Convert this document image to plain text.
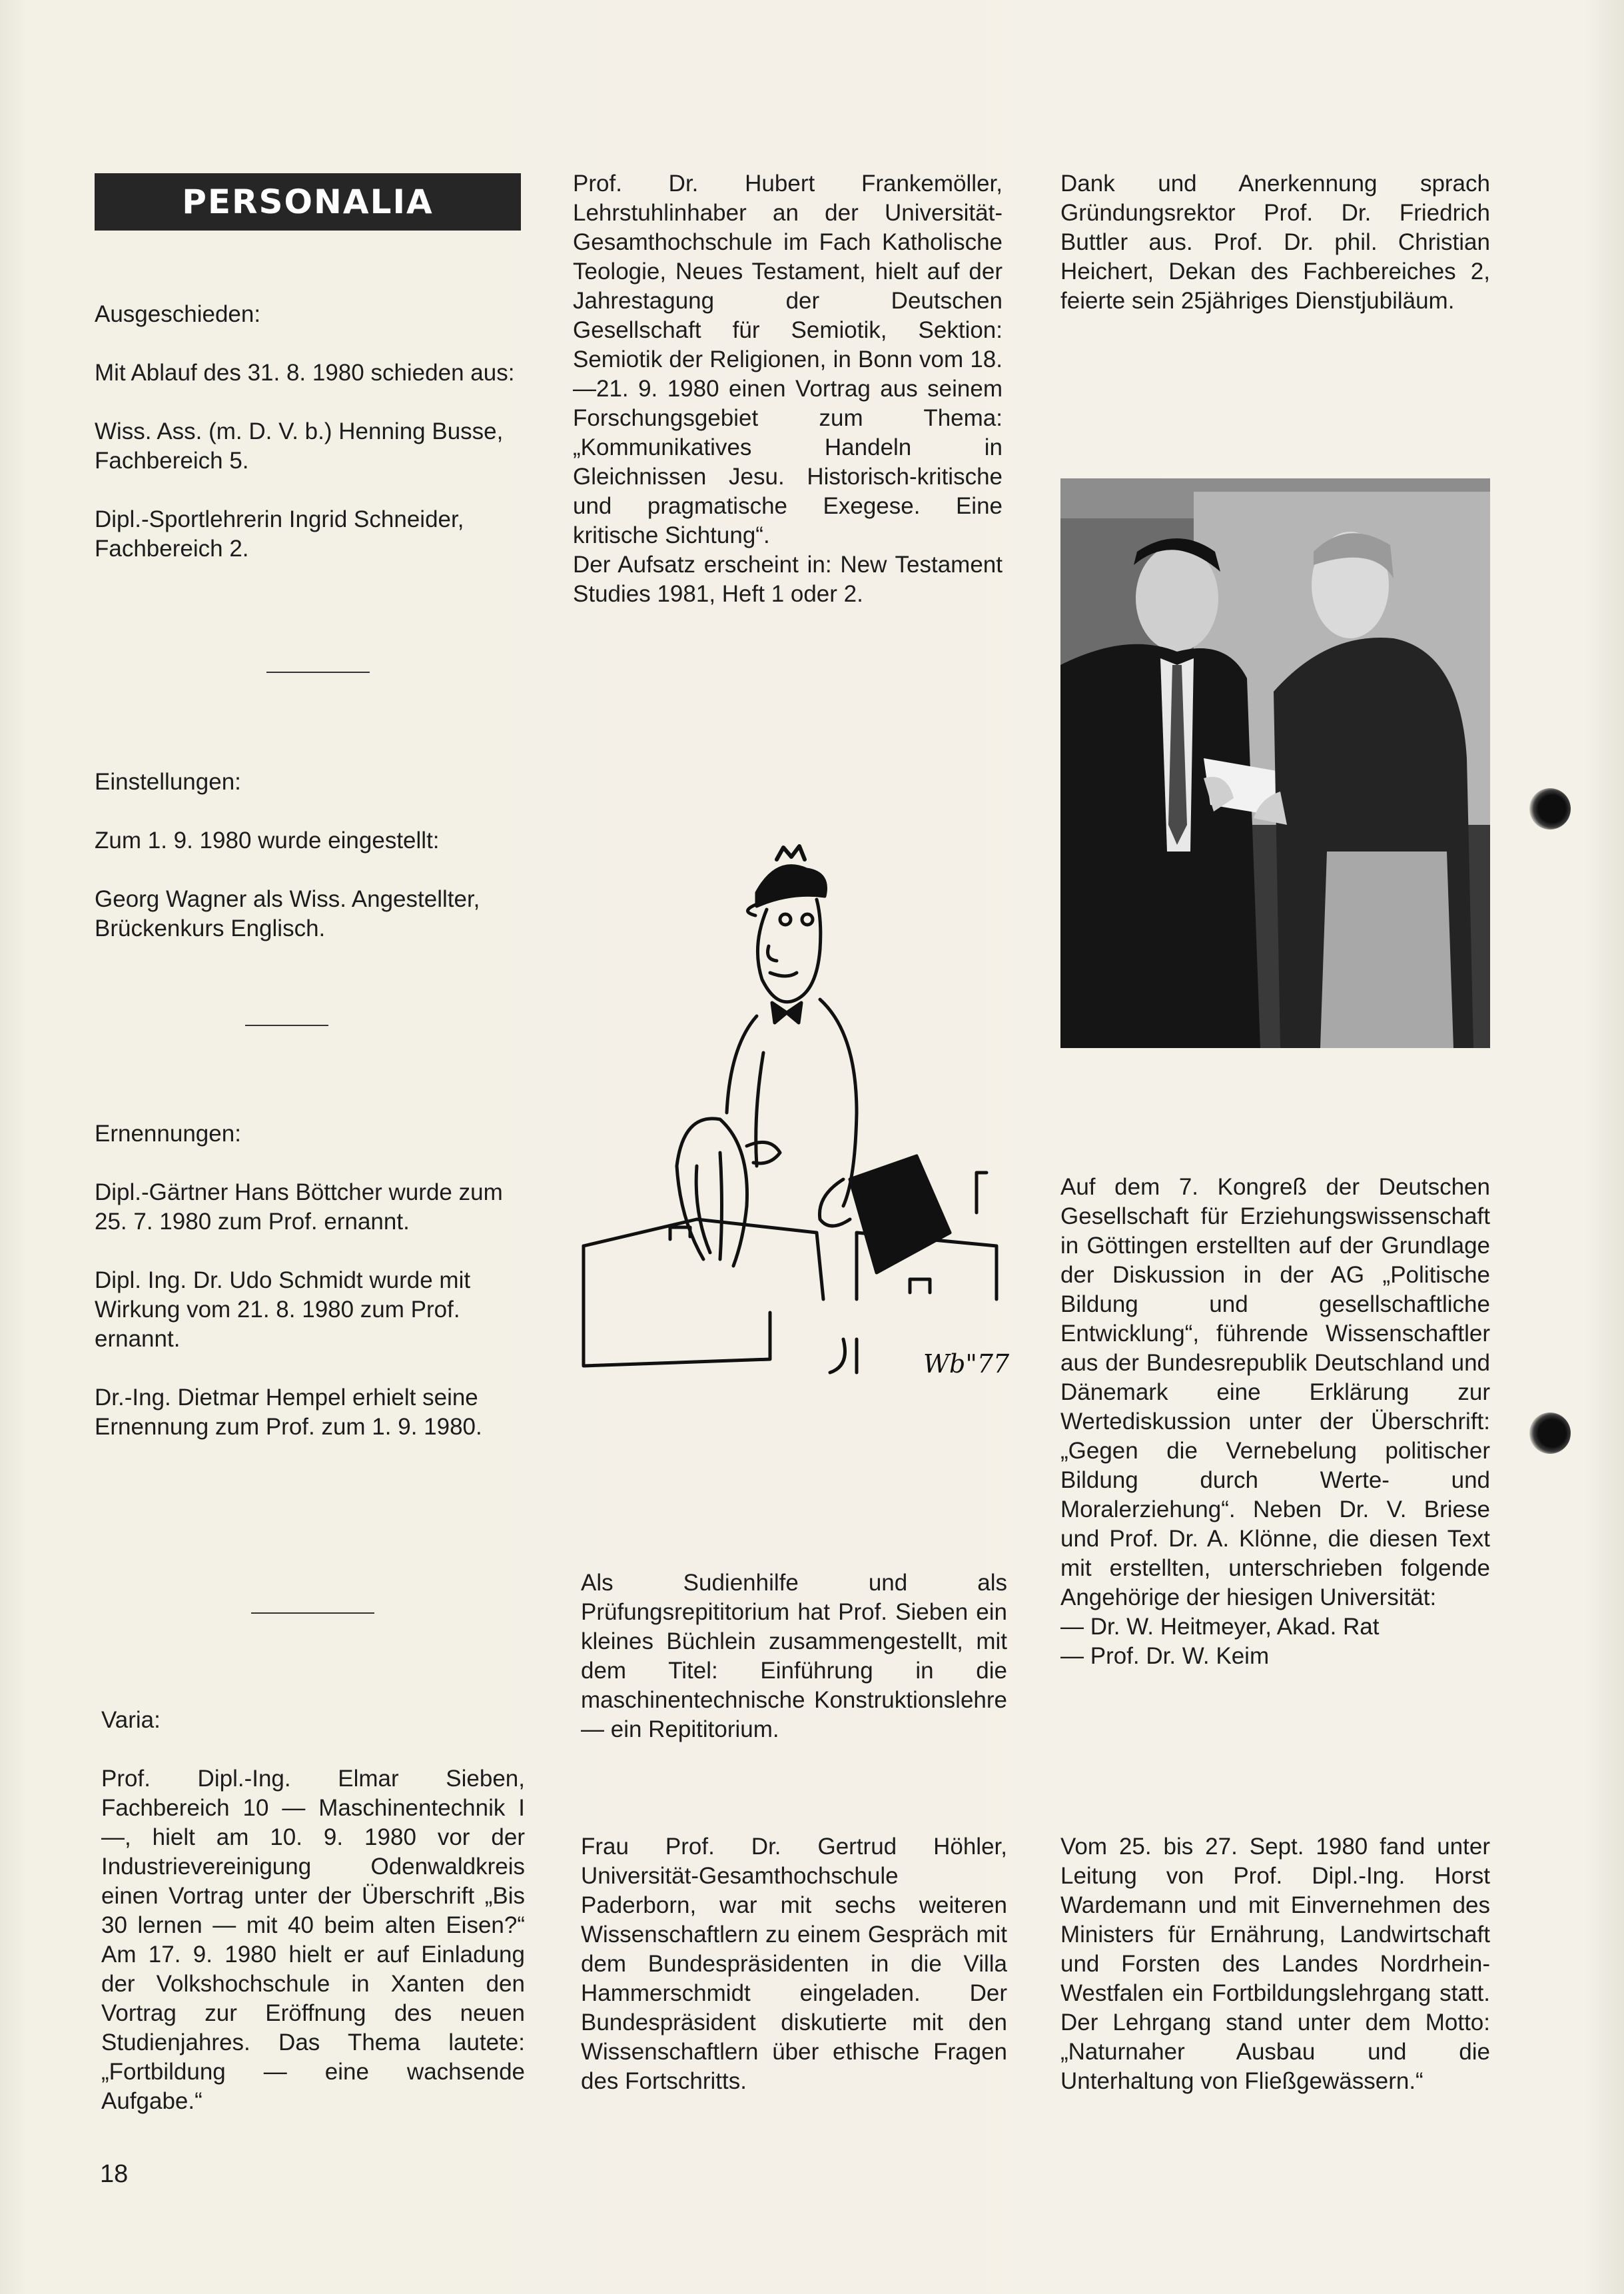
PERSONALIA

Ausgeschieden:

Mit Ablauf des 31. 8. 1980 schieden aus:

Wiss. Ass. (m. D. V. b.) Henning Busse, Fachbereich 5.

Dipl.-Sportlehrerin Ingrid Schneider, Fachbereich 2.

Einstellungen:

Zum 1. 9. 1980 wurde eingestellt:

Georg Wagner als Wiss. Angestellter, Brückenkurs Englisch.

Ernennungen:

Dipl.-Gärtner Hans Böttcher wurde zum 25. 7. 1980 zum Prof. ernannt.

Dipl. Ing. Dr. Udo Schmidt wurde mit Wirkung vom 21. 8. 1980 zum Prof. ernannt.

Dr.-Ing. Dietmar Hempel erhielt seine Ernennung zum Prof. zum 1. 9. 1980.

Varia:

Prof. Dipl.-Ing. Elmar Sieben, Fachbereich 10 — Maschinentechnik I —, hielt am 10. 9. 1980 vor der Industrievereinigung Odenwaldkreis einen Vortrag unter der Überschrift „Bis 30 lernen — mit 40 beim alten Eisen?“ Am 17. 9. 1980 hielt er auf Einladung der Volkshochschule in Xanten den Vortrag zur Eröffnung des neuen Studienjahres. Das Thema lautete: „Fortbildung — eine wachsende Aufgabe.“

Prof. Dr. Hubert Frankemöller, Lehrstuhlinhaber an der Universität-Gesamthochschule im Fach Katholische Teologie, Neues Testament, hielt auf der Jahrestagung der Deutschen Gesellschaft für Semiotik, Sektion: Semiotik der Religionen, in Bonn vom 18.—21. 9. 1980 einen Vortrag aus seinem Forschungsgebiet zum Thema: „Kommunikatives Handeln in Gleichnissen Jesu. Historisch-kritische und pragmatische Exegese. Eine kritische Sichtung“.

Der Aufsatz erscheint in: New Testament Studies 1981, Heft 1 oder 2.

Wb"77

Als Sudienhilfe und als Prüfungsrepititorium hat Prof. Sieben ein kleines Büchlein zusammengestellt, mit dem Titel: Einführung in die maschinentechnische Konstruktionslehre — ein Repititorium.

Frau Prof. Dr. Gertrud Höhler, Universität-Gesamthochschule Paderborn, war mit sechs weiteren Wissenschaftlern zu einem Gespräch mit dem Bundespräsidenten in die Villa Hammerschmidt eingeladen. Der Bundespräsident diskutierte mit den Wissenschaftlern über ethische Fragen des Fortschritts.

Dank und Anerkennung sprach Gründungsrektor Prof. Dr. Friedrich Buttler aus. Prof. Dr. phil. Christian Heichert, Dekan des Fachbereiches 2, feierte sein 25jähriges Dienstjubiläum.

Auf dem 7. Kongreß der Deutschen Gesellschaft für Erziehungswissenschaft in Göttingen erstellten auf der Grundlage der Diskussion in der AG „Politische Bildung und gesellschaftliche Entwicklung“, führende Wissenschaftler aus der Bundesrepublik Deutschland und Dänemark eine Erklärung zur Wertediskussion unter der Überschrift: „Gegen die Vernebelung politischer Bildung durch Werte- und Moralerziehung“. Neben Dr. V. Briese und Prof. Dr. A. Klönne, die diesen Text mit erstellten, unterschrieben folgende Angehörige der hiesigen Universität:

— Dr. W. Heitmeyer, Akad. Rat

— Prof. Dr. W. Keim

Vom 25. bis 27. Sept. 1980 fand unter Leitung von Prof. Dipl.-Ing. Horst Wardemann und mit Einvernehmen des Ministers für Ernährung, Landwirtschaft und Forsten des Landes Nordrhein-Westfalen ein Fortbildungslehrgang statt. Der Lehrgang stand unter dem Motto: „Naturnaher Ausbau und die Unterhaltung von Fließgewässern.“

18
